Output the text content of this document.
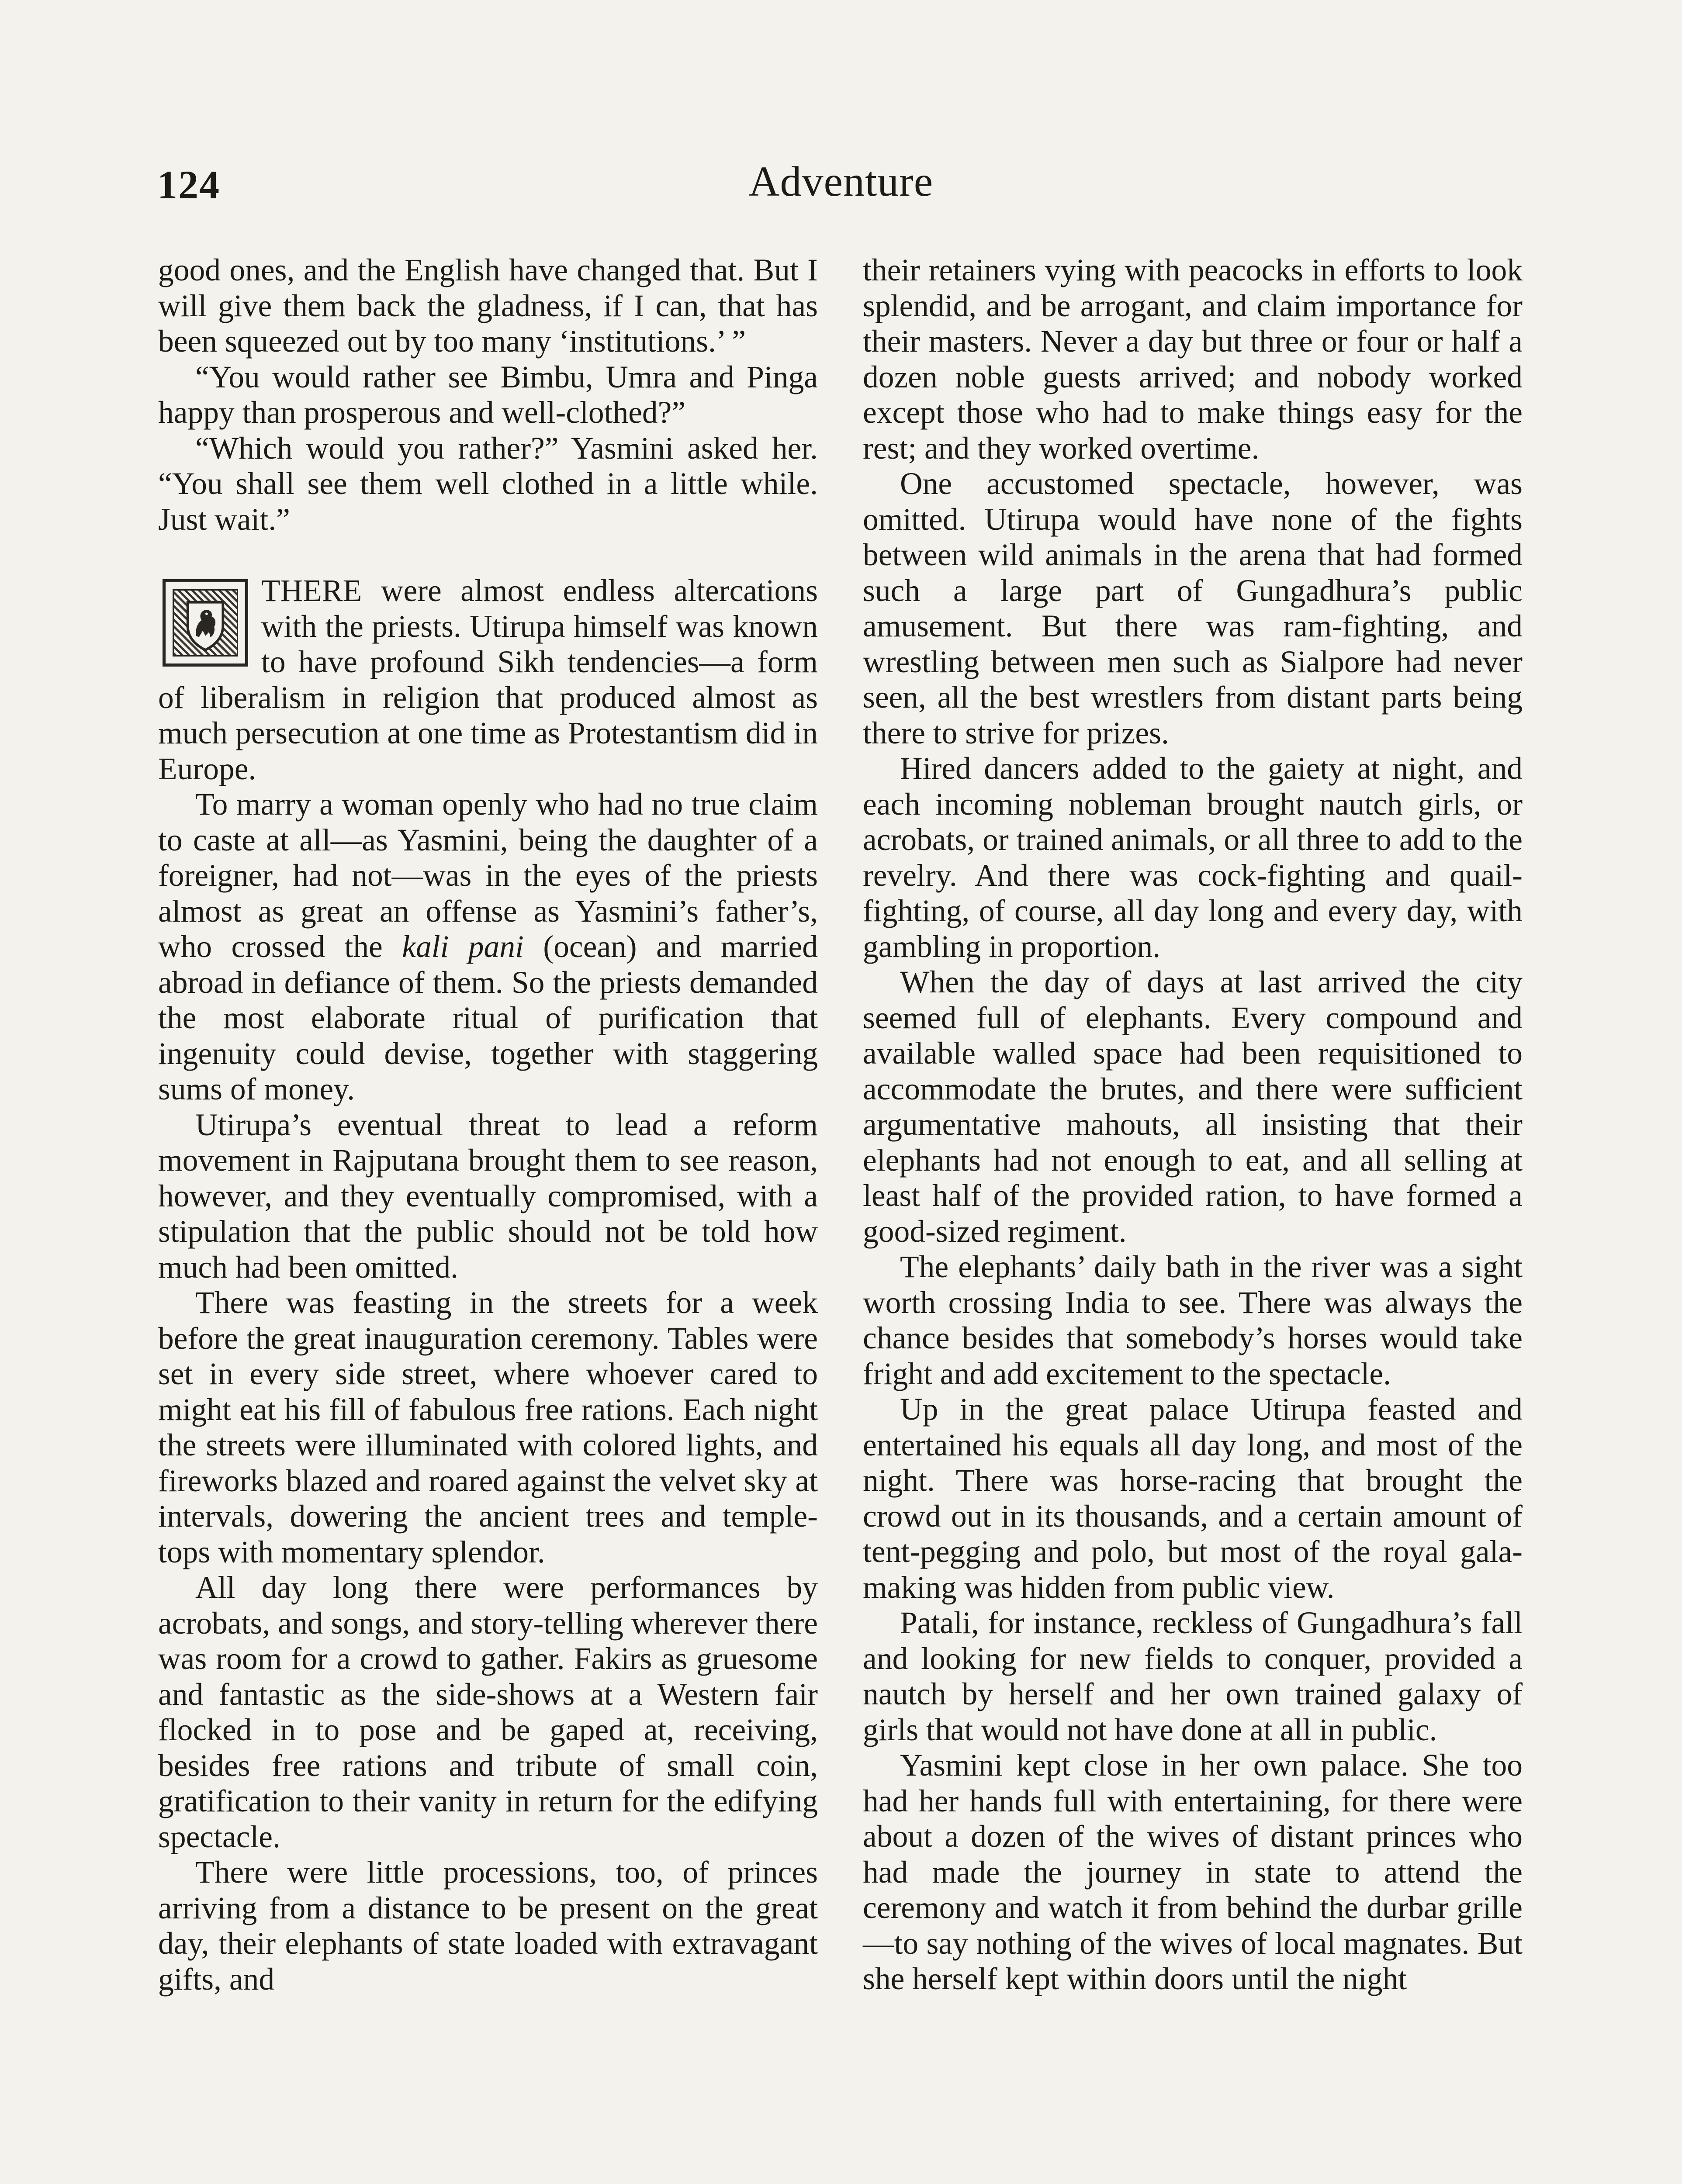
124	Adventure

good ones, and the English have changed that. But I will give them back the gladness, if I can, that has been squeezed out by too many ‘institutions.’ ”

“You would rather see Bimbu, Umra and Pinga happy than prosperous and well-clothed?”

“Which would you rather?” Yasmini asked her. “You shall see them well clothed in a little while. Just wait.”

THERE were almost endless altercations with the priests. Utirupa himself was known to have profound Sikh tendencies—a form of liberalism in religion that produced almost as much persecution at one time as Protestantism did in Europe.

To marry a woman openly who had no true claim to caste at all—as Yasmini, being the daughter of a foreigner, had not—was in the eyes of the priests almost as great an offense as Yasmini’s father’s, who crossed the kali pani (ocean) and married abroad in defiance of them. So the priests demanded the most elaborate ritual of purification that ingenuity could devise, together with staggering sums of money.

Utirupa’s eventual threat to lead a reform movement in Rajputana brought them to see reason, however, and they eventually compromised, with a stipulation that the public should not be told how much had been omitted.

There was feasting in the streets for a week before the great inauguration ceremony. Tables were set in every side street, where whoever cared to might eat his fill of fabulous free rations. Each night the streets were illuminated with colored lights, and fireworks blazed and roared against the velvet sky at intervals, dowering the ancient trees and temple-tops with momentary splendor.

All day long there were performances by acrobats, and songs, and story-telling wherever there was room for a crowd to gather. Fakirs as gruesome and fantastic as the side-shows at a Western fair flocked in to pose and be gaped at, receiving, besides free rations and tribute of small coin, gratification to their vanity in return for the edifying spectacle.

There were little processions, too, of princes arriving from a distance to be present on the great day, their elephants of state loaded with extravagant gifts, and

their retainers vying with peacocks in efforts to look splendid, and be arrogant, and claim importance for their masters. Never a day but three or four or half a dozen noble guests arrived; and nobody worked except those who had to make things easy for the rest; and they worked overtime.

One accustomed spectacle, however, was omitted. Utirupa would have none of the fights between wild animals in the arena that had formed such a large part of Gungadhura’s public amusement. But there was ram-fighting, and wrestling between men such as Sialpore had never seen, all the best wrestlers from distant parts being there to strive for prizes.

Hired dancers added to the gaiety at night, and each incoming nobleman brought nautch girls, or acrobats, or trained animals, or all three to add to the revelry. And there was cock-fighting and quail-fighting, of course, all day long and every day, with gambling in proportion.

When the day of days at last arrived the city seemed full of elephants. Every compound and available walled space had been requisitioned to accommodate the brutes, and there were sufficient argumentative mahouts, all insisting that their elephants had not enough to eat, and all selling at least half of the provided ration, to have formed a good-sized regiment.

The elephants’ daily bath in the river was a sight worth crossing India to see. There was always the chance besides that somebody’s horses would take fright and add excitement to the spectacle.

Up in the great palace Utirupa feasted and entertained his equals all day long, and most of the night. There was horse-racing that brought the crowd out in its thousands, and a certain amount of tent-pegging and polo, but most of the royal gala-making was hidden from public view.

Patali, for instance, reckless of Gungadhura’s fall and looking for new fields to conquer, provided a nautch by herself and her own trained galaxy of girls that would not have done at all in public.

Yasmini kept close in her own palace. She too had her hands full with entertaining, for there were about a dozen of the wives of distant princes who had made the journey in state to attend the ceremony and watch it from behind the durbar grille—to say nothing of the wives of local magnates. But she herself kept within doors until the night
